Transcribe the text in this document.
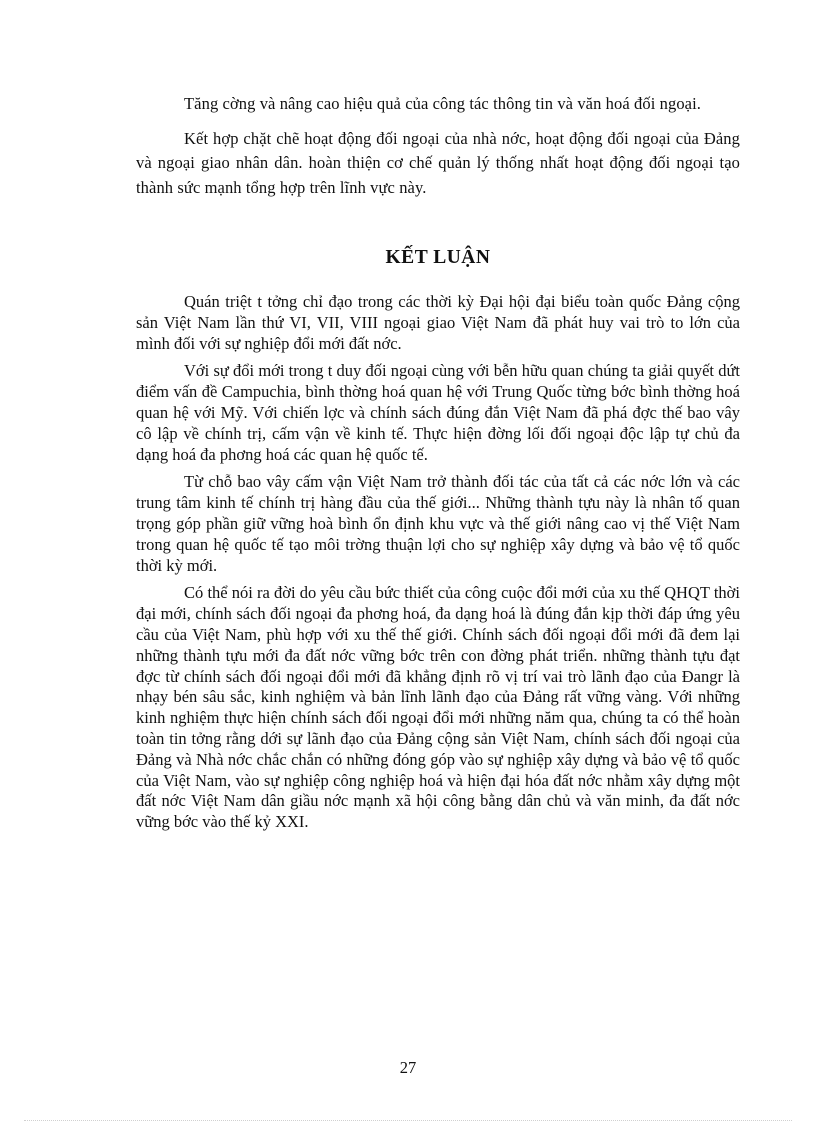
Tăng cờng và nâng cao hiệu quả của công tác thông tin và văn hoá đối ngoại.

Kết hợp chặt chẽ hoạt động đối ngoại của nhà nớc, hoạt động đối ngoại của Đảng và ngoại giao nhân dân. hoàn thiện cơ chế quản lý thống nhất hoạt động đối ngoại tạo thành sức mạnh tổng hợp trên lĩnh vực này.

KẾT LUẬN

Quán triệt t tởng chỉ đạo trong các thời kỳ Đại hội đại biểu toàn quốc Đảng cộng sản Việt Nam lần thứ VI, VII, VIII ngoại giao Việt Nam đã phát huy vai trò to lớn của mình đối với sự nghiệp đổi mới đất nớc.

Với sự đổi mới trong t duy đối ngoại cùng với bễn hữu quan chúng ta giải quyết dứt điểm vấn đề Campuchia, bình thờng hoá quan hệ với Trung Quốc từng bớc bình thờng hoá quan hệ với Mỹ. Với chiến lợc và chính sách đúng đắn Việt Nam đã phá đợc thế bao vây cô lập về chính trị, cấm vận về kinh tế. Thực hiện đờng lối đối ngoại độc lập tự chủ đa dạng hoá đa phơng hoá các quan hệ quốc tế.

Từ chỗ bao vây cấm vận Việt Nam trở thành đối tác của tất cả các nớc lớn và các trung tâm kinh tế chính trị hàng đầu của thế giới... Những thành tựu này là nhân tố quan trọng góp phần giữ vững hoà bình ổn định khu vực và thế giới nâng cao vị thế Việt Nam trong quan hệ quốc tế tạo môi trờng thuận lợi cho sự nghiệp xây dựng và bảo vệ tổ quốc thời kỳ mới.

Có thể nói ra đời do yêu cầu bức thiết của công cuộc đổi mới của xu thế QHQT thời đại mới, chính sách đối ngoại đa phơng hoá, đa dạng hoá là đúng đắn kịp thời đáp ứng yêu cầu của Việt Nam, phù hợp với xu thế thế giới. Chính sách đối ngoại đổi mới đã đem lại những thành tựu mới đa đất nớc vững bớc trên con đờng phát triển. những thành tựu đạt đợc từ chính sách đối ngoại đổi mới đã khẳng định rõ vị trí vai trò lãnh đạo của Đangr là nhạy bén sâu sắc, kinh nghiệm và bản lĩnh lãnh đạo của Đảng rất vững vàng. Với những kinh nghiệm thực hiện chính sách đối ngoại đổi mới những năm qua, chúng ta có thể hoàn toàn tin tởng rằng dới sự lãnh đạo của Đảng cộng sản Việt Nam, chính sách đối ngoại của Đảng và Nhà nớc chắc chắn có những đóng góp vào sự nghiệp xây dựng và bảo vệ tổ quốc của Việt Nam, vào sự nghiệp công nghiệp hoá và hiện đại hóa đất nớc nhằm xây dựng một đất nớc Việt Nam dân giầu nớc mạnh xã hội công bằng dân chủ và văn minh, đa đất nớc vững bớc vào thế kỷ XXI.

27
